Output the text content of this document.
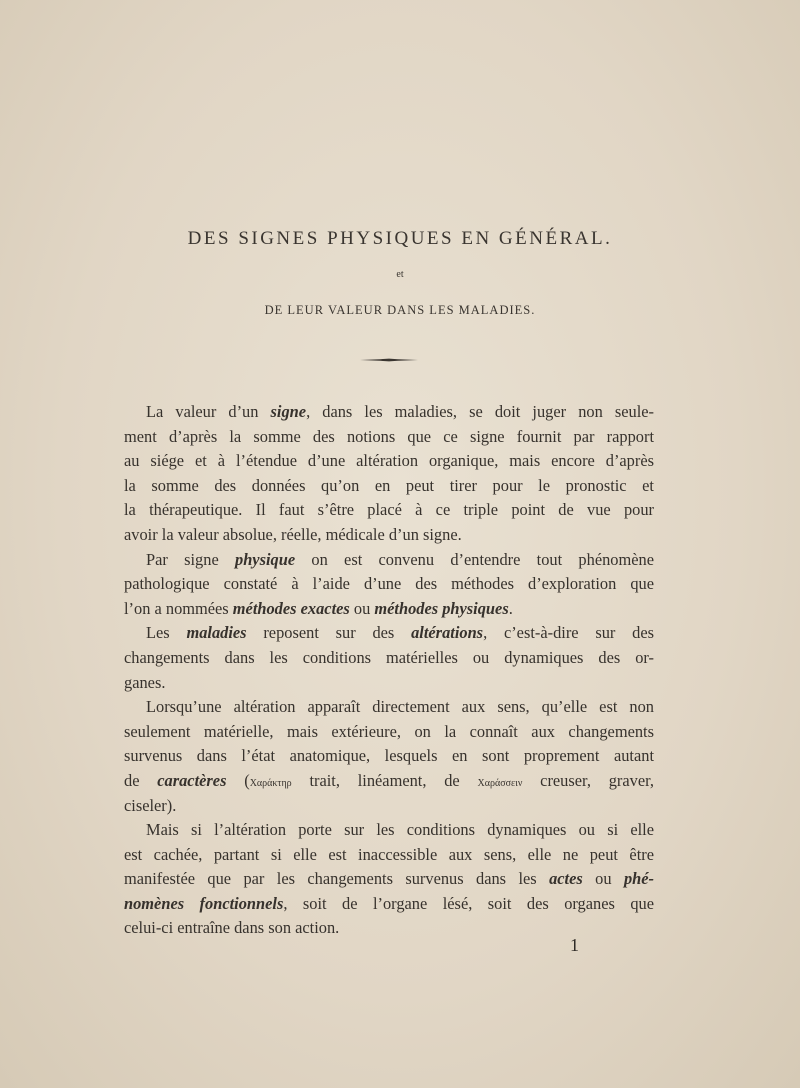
DES SIGNES PHYSIQUES EN GÉNÉRAL.
et
DE LEUR VALEUR DANS LES MALADIES.
La valeur d’un signe, dans les maladies, se doit juger non seule-
ment d’après la somme des notions que ce signe fournit par rapport
au siége et à l’étendue d’une altération organique, mais encore d’après
la somme des données qu’on en peut tirer pour le pronostic et
la thérapeutique. Il faut s’être placé à ce triple point de vue pour
avoir la valeur absolue, réelle, médicale d’un signe.
Par signe physique on est convenu d’entendre tout phénomène
pathologique constaté à l’aide d’une des méthodes d’exploration que
l’on a nommées méthodes exactes ou méthodes physiques.
Les maladies reposent sur des altérations, c’est-à-dire sur des
changements dans les conditions matérielles ou dynamiques des or-
ganes.
Lorsqu’une altération apparaît directement aux sens, qu’elle est non
seulement matérielle, mais extérieure, on la connaît aux changements
survenus dans l’état anatomique, lesquels en sont proprement autant
de caractères (Χαράκτηρ trait, linéament, de Χαράσσειν creuser, graver,
ciseler).
Mais si l’altération porte sur les conditions dynamiques ou si elle
est cachée, partant si elle est inaccessible aux sens, elle ne peut être
manifestée que par les changements survenus dans les actes ou phé-
nomènes fonctionnels, soit de l’organe lésé, soit des organes que
celui-ci entraîne dans son action.
1
